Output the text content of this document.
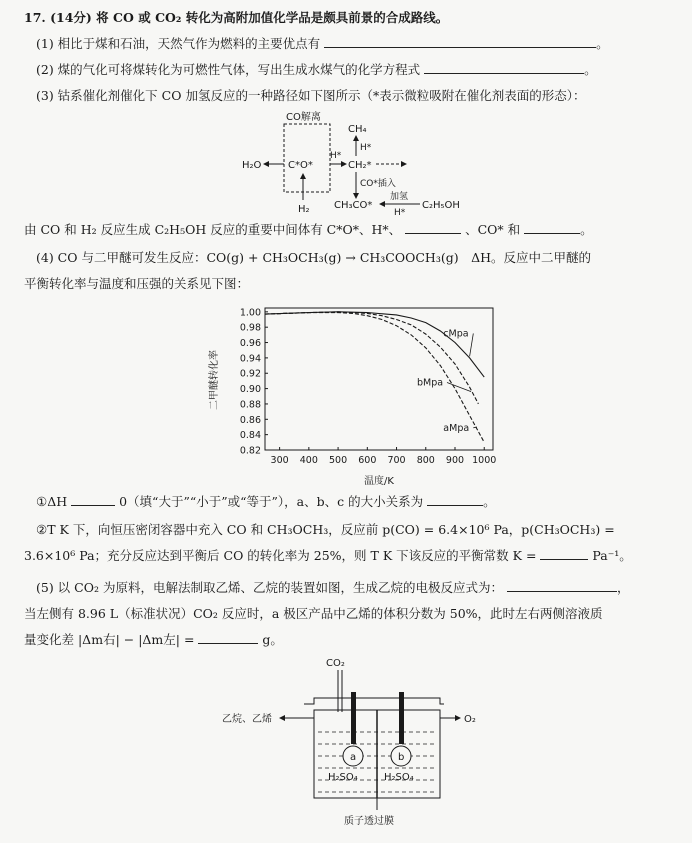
17. (14分) 将 CO 或 CO₂ 转化为高附加值化学品是颇具前景的合成路线。
(1) 相比于煤和石油，天然气作为燃料的主要优点有	。
(2) 煤的气化可将煤转化为可燃性气体，写出生成水煤气的化学方程式	。
(3) 钴系催化剂催化下 CO 加氢反应的一种路径如下图所示（*表示微粒吸附在催化剂表面的形态）：
CO解离
H₂O	C*O*
H₂
H*
CH₂*
CH₄
H*
CO*插入
CH₃CO*
加氢
H*
C₂H₅OH
由 CO 和 H₂ 反应生成 C₂H₅OH 反应的重要中间体有 C*O*、H*、	、CO* 和	。
(4) CO 与二甲醚可发生反应：CO(g) + CH₃OCH₃(g) → CH₃COOCH₃(g)　ΔH。反应中二甲醚的
平衡转化率与温度和压强的关系见下图：
300 400 500 600 700 800 900 1000
0.82
0.84
0.86
0.88
0.90
0.92
0.94
0.96
0.98
1.00
温度/K
二甲醚转化率
cMpa
bMpa
aMpa
①ΔH	0（填“大于”“小于”或“等于”），a、b、c 的大小关系为	。
②T K 下，向恒压密闭容器中充入 CO 和 CH₃OCH₃，反应前 p(CO) = 6.4×10⁶ Pa，p(CH₃OCH₃) =
3.6×10⁶ Pa；充分反应达到平衡后 CO 的转化率为 25%，则 T K 下该反应的平衡常数 K =	Pa⁻¹。
(5) 以 CO₂ 为原料，电解法制取乙烯、乙烷的装置如图，生成乙烷的电极反应式为：	，
当左侧有 8.96 L（标准状况）CO₂ 反应时，a 极区产品中乙烯的体积分数为 50%，此时左右两侧溶液质
量变化差 |Δm右| − |Δm左| =	g。
CO₂
乙烷、乙烯	O₂
a	b
H₂SO₄	H₂SO₄
质子透过膜
